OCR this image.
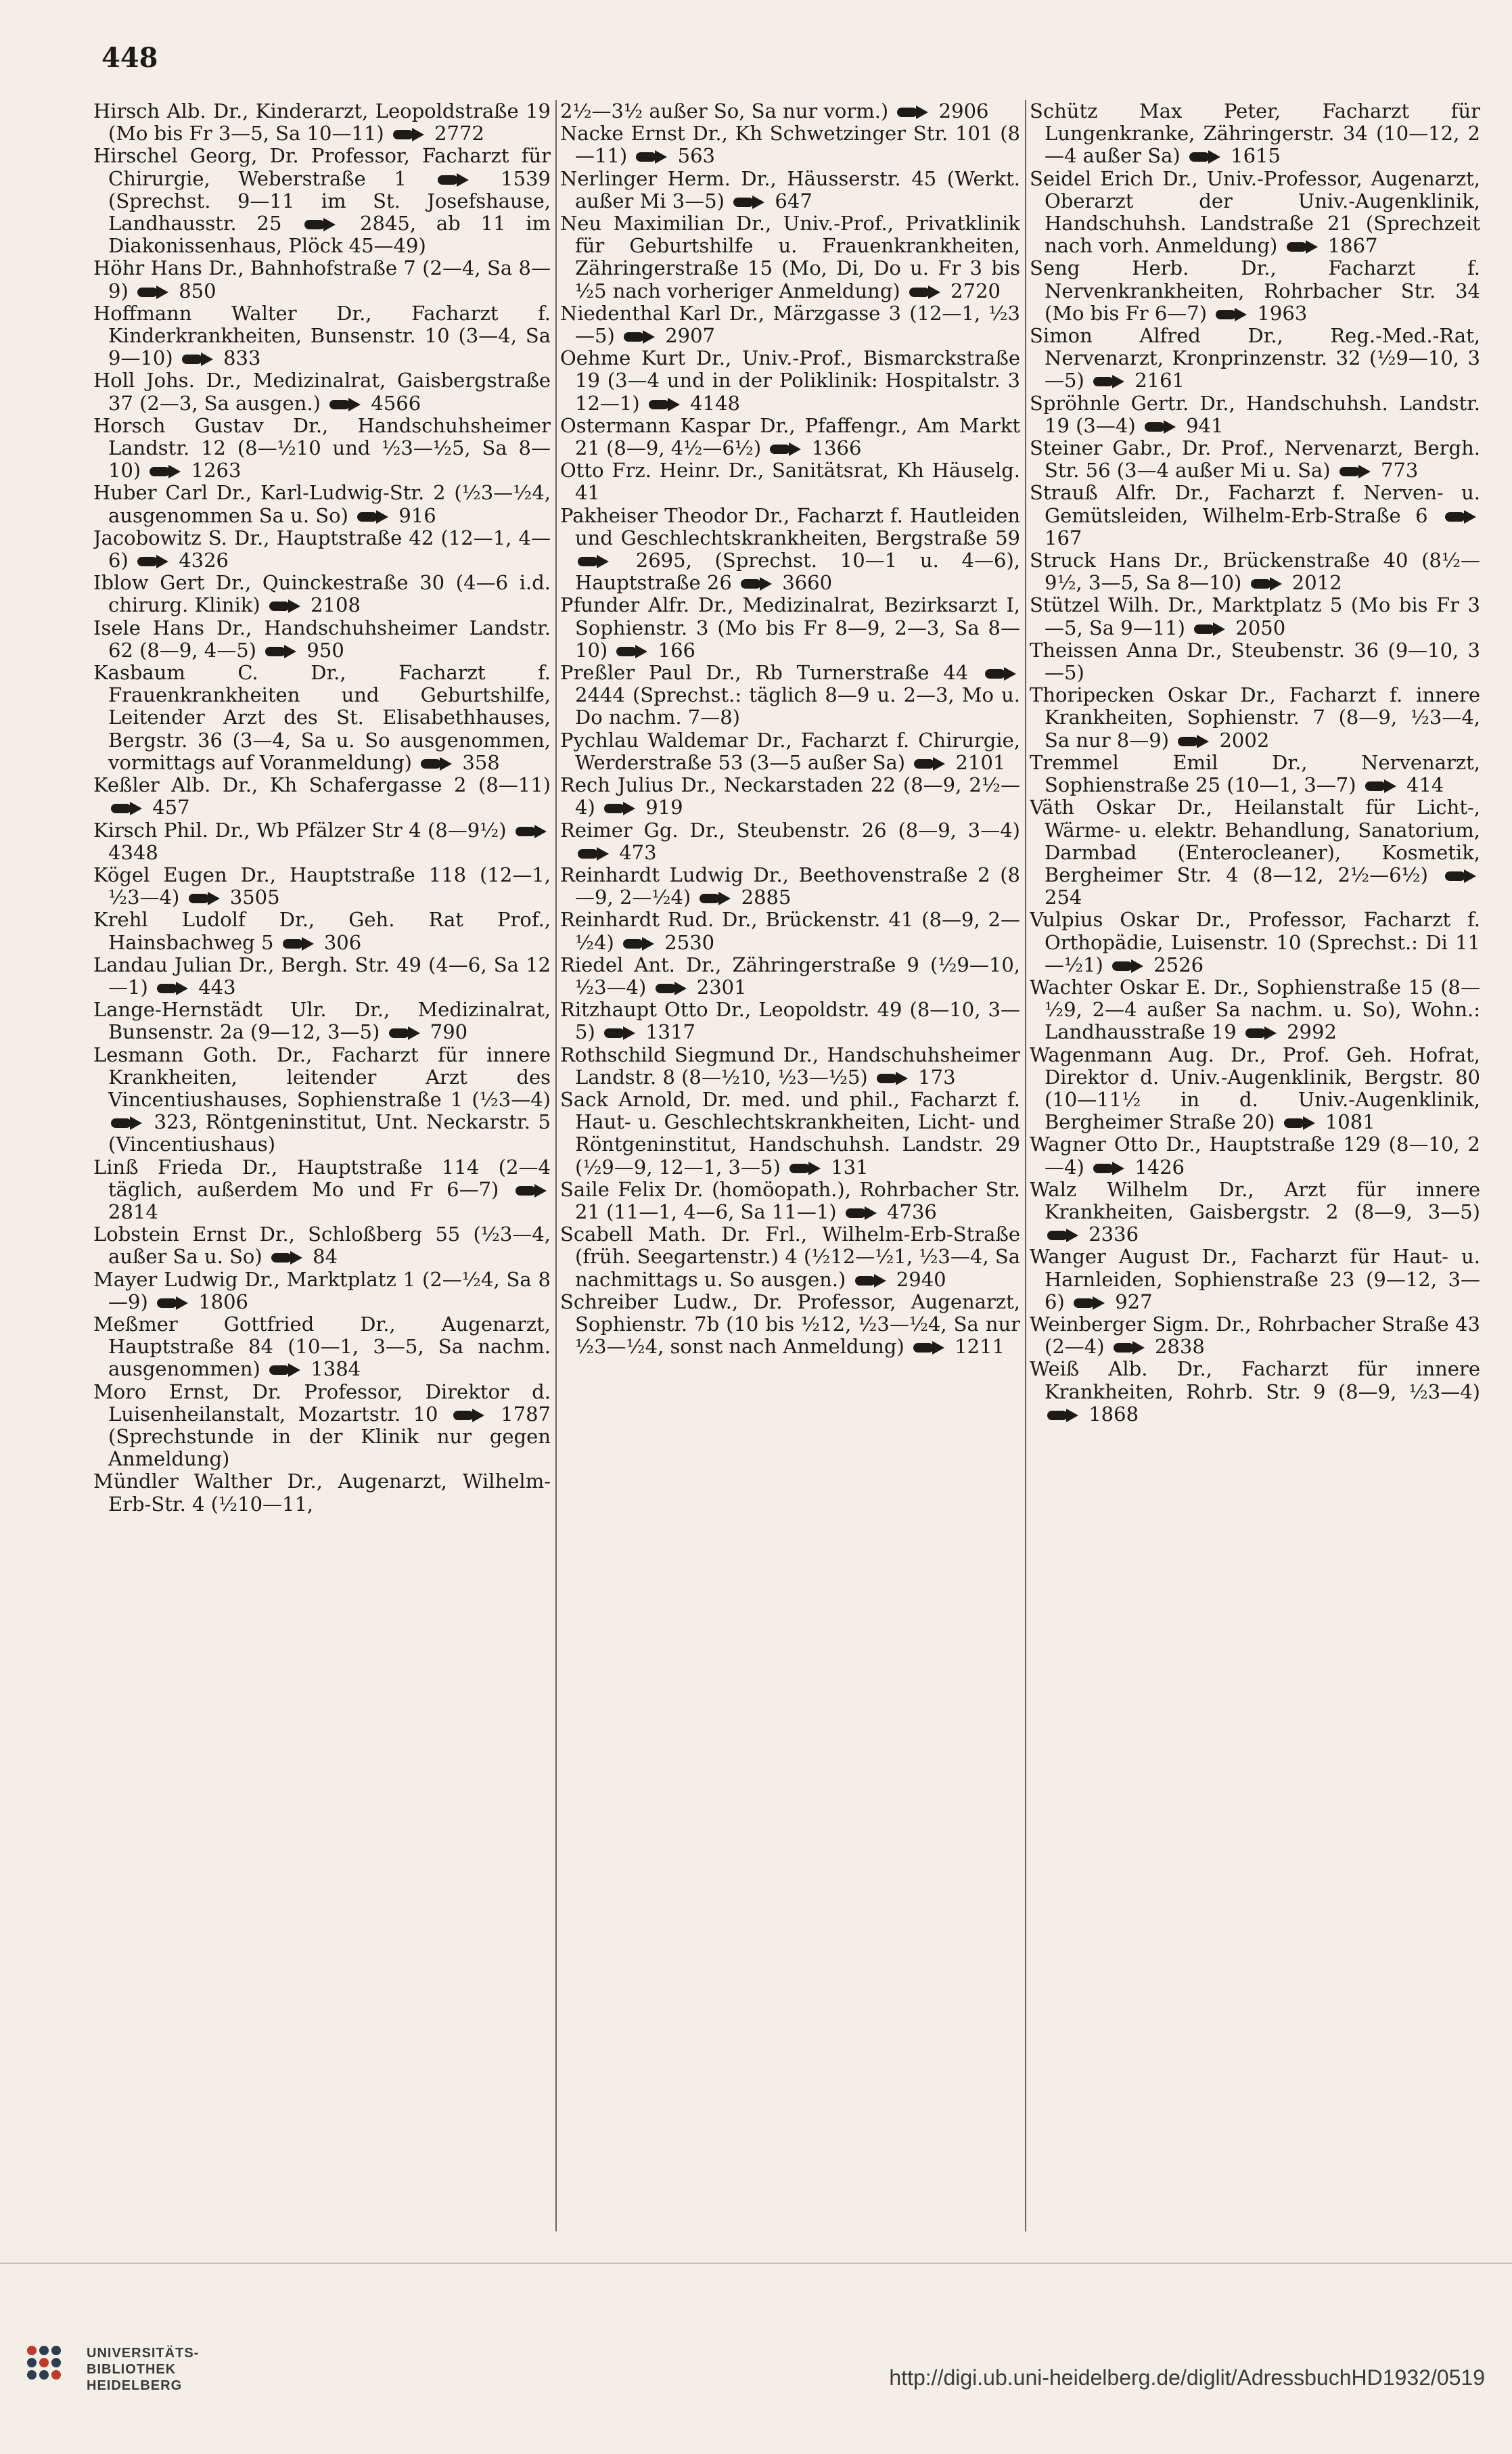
448

Hirsch Alb. Dr., Kinderarzt, Leopoldstraße 19 (Mo bis Fr 3—5, Sa 10—11)  2772

Hirschel Georg, Dr. Professor, Facharzt für Chirurgie, Weberstraße 1  1539 (Sprechst. 9—11 im St. Josefshause, Landhausstr. 25  2845, ab 11 im Diakonissenhaus, Plöck 45—49)

Höhr Hans Dr., Bahnhofstraße 7 (2—4, Sa 8—9)  850

Hoffmann Walter Dr., Facharzt f. Kinderkrankheiten, Bunsenstr. 10 (3—4, Sa 9—10)  833

Holl Johs. Dr., Medizinalrat, Gaisbergstraße 37 (2—3, Sa ausgen.)  4566

Horsch Gustav Dr., Handschuhsheimer Landstr. 12 (8—½10 und ½3—½5, Sa 8—10)  1263

Huber Carl Dr., Karl-Ludwig-Str. 2 (½3—½4, ausgenommen Sa u. So)  916

Jacobowitz S. Dr., Hauptstraße 42 (12—1, 4—6)  4326

Iblow Gert Dr., Quinckestraße 30 (4—6 i.d. chirurg. Klinik)  2108

Isele Hans Dr., Handschuhsheimer Landstr. 62 (8—9, 4—5)  950

Kasbaum C. Dr., Facharzt f. Frauenkrankheiten und Geburtshilfe, Leitender Arzt des St. Elisabethhauses, Bergstr. 36 (3—4, Sa u. So ausgenommen, vormittags auf Voranmeldung)  358

Keßler Alb. Dr., Kh Schafergasse 2 (8—11)  457

Kirsch Phil. Dr., Wb Pfälzer Str 4 (8—9½)  4348

Kögel Eugen Dr., Hauptstraße 118 (12—1, ½3—4)  3505

Krehl Ludolf Dr., Geh. Rat Prof., Hainsbachweg 5  306

Landau Julian Dr., Bergh. Str. 49 (4—6, Sa 12—1)  443

Lange-Hernstädt Ulr. Dr., Medizinalrat, Bunsenstr. 2a (9—12, 3—5)  790

Lesmann Goth. Dr., Facharzt für innere Krankheiten, leitender Arzt des Vincentiushauses, Sophienstraße 1 (½3—4)  323, Röntgeninstitut, Unt. Neckarstr. 5 (Vincentiushaus)

Linß Frieda Dr., Hauptstraße 114 (2—4 täglich, außerdem Mo und Fr 6—7)  2814

Lobstein Ernst Dr., Schloßberg 55 (½3—4, außer Sa u. So)  84

Mayer Ludwig Dr., Marktplatz 1 (2—½4, Sa 8—9)  1806

Meßmer Gottfried Dr., Augenarzt, Hauptstraße 84 (10—1, 3—5, Sa nachm. ausgenommen)  1384

Moro Ernst, Dr. Professor, Direktor d. Luisenheilanstalt, Mozartstr. 10  1787 (Sprechstunde in der Klinik nur gegen Anmeldung)

Mündler Walther Dr., Augenarzt, Wilhelm-Erb-Str. 4 (½10—11,

2½—3½ außer So, Sa nur vorm.)  2906

Nacke Ernst Dr., Kh Schwetzinger Str. 101 (8—11)  563

Nerlinger Herm. Dr., Häusserstr. 45 (Werkt. außer Mi 3—5)  647

Neu Maximilian Dr., Univ.-Prof., Privatklinik für Geburtshilfe u. Frauenkrankheiten, Zähringerstraße 15 (Mo, Di, Do u. Fr 3 bis ½5 nach vorheriger Anmeldung)  2720

Niedenthal Karl Dr., Märzgasse 3 (12—1, ½3—5)  2907

Oehme Kurt Dr., Univ.-Prof., Bismarckstraße 19 (3—4 und in der Poliklinik: Hospitalstr. 3 12—1)  4148

Ostermann Kaspar Dr., Pfaffengr., Am Markt 21 (8—9, 4½—6½)  1366

Otto Frz. Heinr. Dr., Sanitätsrat, Kh Häuselg. 41

Pakheiser Theodor Dr., Facharzt f. Hautleiden und Geschlechtskrankheiten, Bergstraße 59  2695, (Sprechst. 10—1 u. 4—6), Hauptstraße 26  3660

Pfunder Alfr. Dr., Medizinalrat, Bezirksarzt I, Sophienstr. 3 (Mo bis Fr 8—9, 2—3, Sa 8—10)  166

Preßler Paul Dr., Rb Turnerstraße 44  2444 (Sprechst.: täglich 8—9 u. 2—3, Mo u. Do nachm. 7—8)

Pychlau Waldemar Dr., Facharzt f. Chirurgie, Werderstraße 53 (3—5 außer Sa)  2101

Rech Julius Dr., Neckarstaden 22 (8—9, 2½—4)  919

Reimer Gg. Dr., Steubenstr. 26 (8—9, 3—4)  473

Reinhardt Ludwig Dr., Beethovenstraße 2 (8—9, 2—½4)  2885

Reinhardt Rud. Dr., Brückenstr. 41 (8—9, 2—½4)  2530

Riedel Ant. Dr., Zähringerstraße 9 (½9—10, ½3—4)  2301

Ritzhaupt Otto Dr., Leopoldstr. 49 (8—10, 3—5)  1317

Rothschild Siegmund Dr., Handschuhsheimer Landstr. 8 (8—½10, ½3—½5)  173

Sack Arnold, Dr. med. und phil., Facharzt f. Haut- u. Geschlechtskrankheiten, Licht- und Röntgeninstitut, Handschuhsh. Landstr. 29 (½9—9, 12—1, 3—5)  131

Saile Felix Dr. (homöopath.), Rohrbacher Str. 21 (11—1, 4—6, Sa 11—1)  4736

Scabell Math. Dr. Frl., Wilhelm-Erb-Straße (früh. Seegartenstr.) 4 (½12—½1, ½3—4, Sa nachmittags u. So ausgen.)  2940

Schreiber Ludw., Dr. Professor, Augenarzt, Sophienstr. 7b (10 bis ½12, ½3—½4, Sa nur ½3—½4, sonst nach Anmeldung)  1211

Schütz Max Peter, Facharzt für Lungenkranke, Zähringerstr. 34 (10—12, 2—4 außer Sa)  1615

Seidel Erich Dr., Univ.-Professor, Augenarzt, Oberarzt der Univ.-Augenklinik, Handschuhsh. Landstraße 21 (Sprechzeit nach vorh. Anmeldung)  1867

Seng Herb. Dr., Facharzt f. Nervenkrankheiten, Rohrbacher Str. 34 (Mo bis Fr 6—7)  1963

Simon Alfred Dr., Reg.-Med.-Rat, Nervenarzt, Kronprinzenstr. 32 (½9—10, 3—5)  2161

Spröhnle Gertr. Dr., Handschuhsh. Landstr. 19 (3—4)  941

Steiner Gabr., Dr. Prof., Nervenarzt, Bergh. Str. 56 (3—4 außer Mi u. Sa)  773

Strauß Alfr. Dr., Facharzt f. Nerven- u. Gemütsleiden, Wilhelm-Erb-Straße 6  167

Struck Hans Dr., Brückenstraße 40 (8½—9½, 3—5, Sa 8—10)  2012

Stützel Wilh. Dr., Marktplatz 5 (Mo bis Fr 3—5, Sa 9—11)  2050

Theissen Anna Dr., Steubenstr. 36 (9—10, 3—5)

Thoripecken Oskar Dr., Facharzt f. innere Krankheiten, Sophienstr. 7 (8—9, ½3—4, Sa nur 8—9)  2002

Tremmel Emil Dr., Nervenarzt, Sophienstraße 25 (10—1, 3—7)  414

Väth Oskar Dr., Heilanstalt für Licht-, Wärme- u. elektr. Behandlung, Sanatorium, Darmbad (Enterocleaner), Kosmetik, Bergheimer Str. 4 (8—12, 2½—6½)  254

Vulpius Oskar Dr., Professor, Facharzt f. Orthopädie, Luisenstr. 10 (Sprechst.: Di 11—½1)  2526

Wachter Oskar E. Dr., Sophienstraße 15 (8—½9, 2—4 außer Sa nachm. u. So), Wohn.: Landhausstraße 19  2992

Wagenmann Aug. Dr., Prof. Geh. Hofrat, Direktor d. Univ.-Augenklinik, Bergstr. 80 (10—11½ in d. Univ.-Augenklinik, Bergheimer Straße 20)  1081

Wagner Otto Dr., Hauptstraße 129 (8—10, 2—4)  1426

Walz Wilhelm Dr., Arzt für innere Krankheiten, Gaisbergstr. 2 (8—9, 3—5)  2336

Wanger August Dr., Facharzt für Haut- u. Harnleiden, Sophienstraße 23 (9—12, 3—6)  927

Weinberger Sigm. Dr., Rohrbacher Straße 43 (2—4)  2838

Weiß Alb. Dr., Facharzt für innere Krankheiten, Rohrb. Str. 9 (8—9, ½3—4)  1868

UNIVERSITÄTS-
BIBLIOTHEK
HEIDELBERG	http://digi.ub.uni-heidelberg.de/diglit/AdressbuchHD1932/0519
